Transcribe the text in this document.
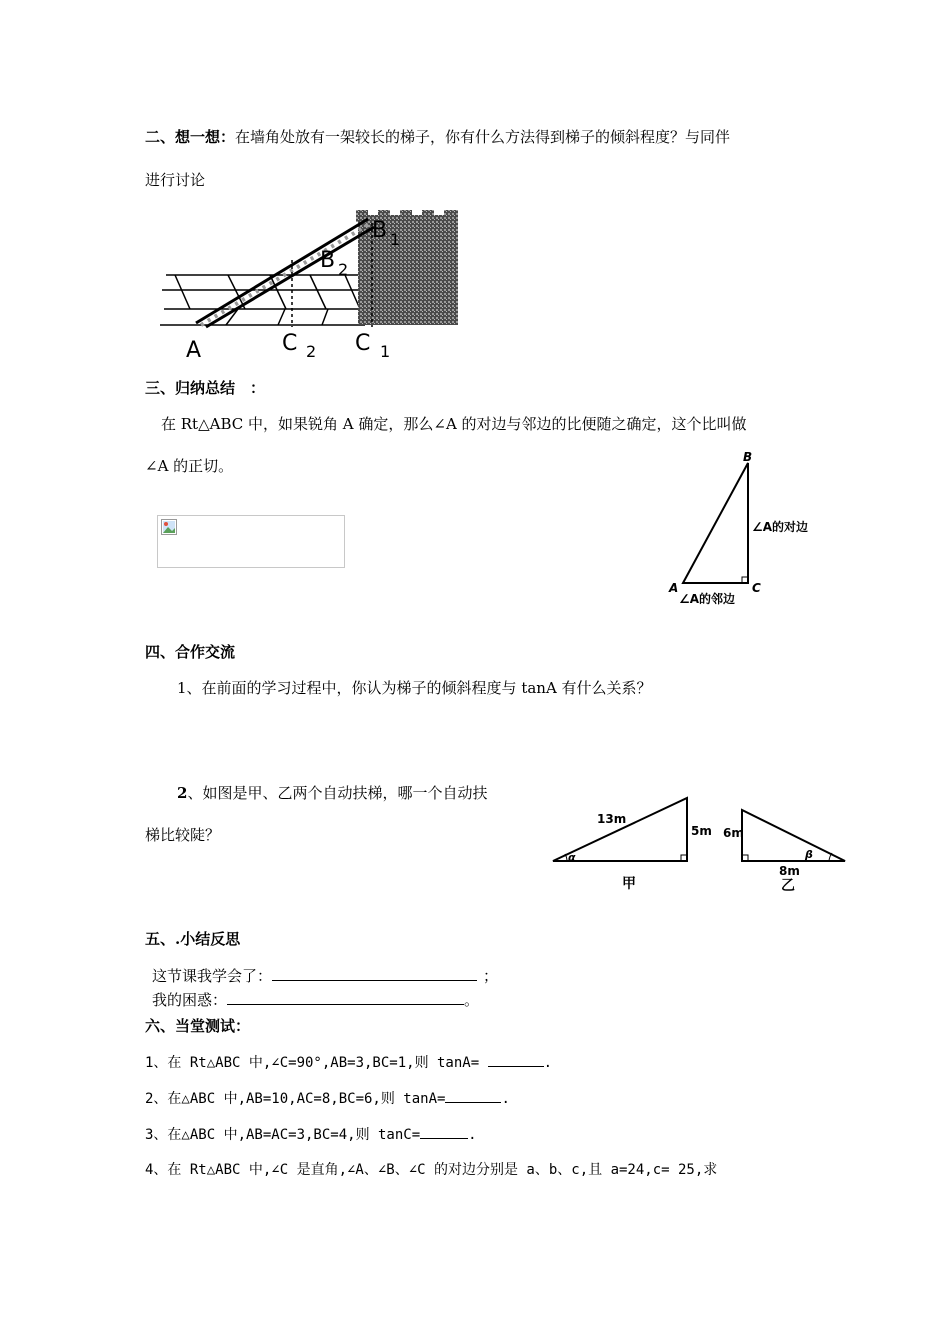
二、想一想：在墙角处放有一架较长的梯子，你有什么方法得到梯子的倾斜程度？与同伴
进行讨论
A	C 2 C 1
B 2
B 1
三、归纳总结　：
在 Rt△ABC 中，如果锐角 A 确定，那么∠A 的对边与邻边的比便随之确定，这个比叫做
∠A 的正切。	B
A	C
∠A的对边
∠A的邻边
四、合作交流
1、在前面的学习过程中，你认为梯子的倾斜程度与 tanA 有什么关系？
2、如图是甲、乙两个自动扶梯，哪一个自动扶
梯比较陡？
13m
5m
α
甲
6m
8m
β
乙
五、.小结反思
这节课我学会了：	；
我的困惑：	。
六、当堂测试：
1、在 Rt△ABC 中,∠C=90°,AB=3,BC=1,则 tanA=	.
2、在△ABC 中,AB=10,AC=8,BC=6,则 tanA=	.
3、在△ABC 中,AB=AC=3,BC=4,则 tanC=	.
4、在 Rt△ABC 中,∠C 是直角,∠A、∠B、∠C 的对边分别是 a、b、c,且 a=24,c= 25,求
